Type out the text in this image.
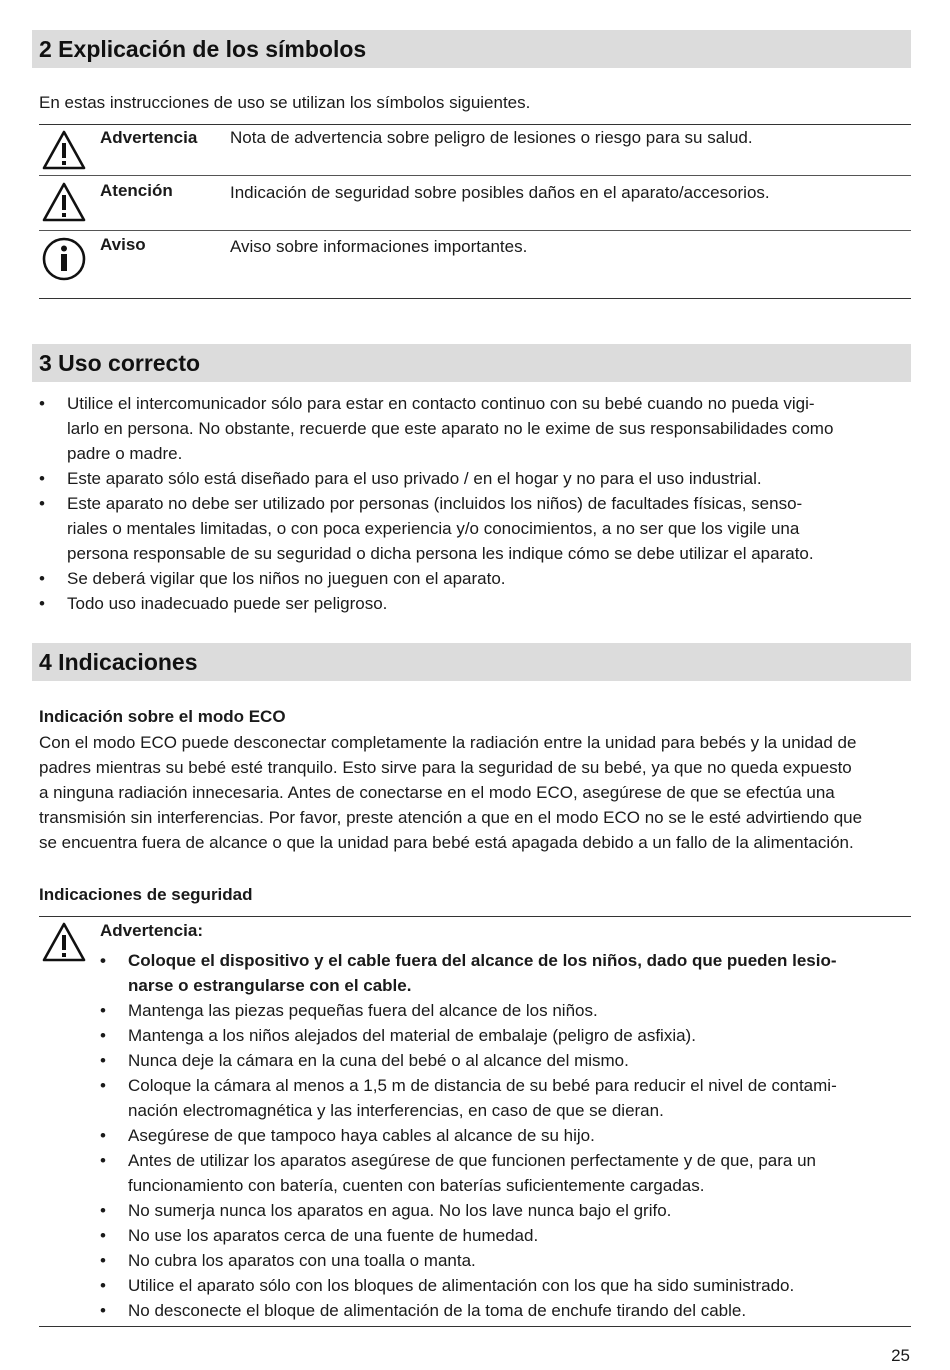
2 Explicación de los símbolos

En estas instrucciones de uso se utilizan los símbolos siguientes.

Advertencia Nota de advertencia sobre peligro de lesiones o riesgo para su salud.
Atención	Indicación de seguridad sobre posibles daños en el aparato/accesorios.
Aviso	Aviso sobre informaciones importantes.
3 Uso correcto
• Utilice el intercomunicador sólo para estar en contacto continuo con su bebé cuando no pueda vigi-
larlo en persona. No obstante, recuerde que este aparato no le exime de sus responsabilidades como
padre o madre.
• Este aparato sólo está diseñado para el uso privado / en el hogar y no para el uso industrial.
• Este aparato no debe ser utilizado por personas (incluidos los niños) de facultades físicas, senso-
riales o mentales limitadas, o con poca experiencia y/o conocimientos, a no ser que los vigile una
persona responsable de su seguridad o dicha persona les indique cómo se debe utilizar el aparato.
• Se deberá vigilar que los niños no jueguen con el aparato.
• Todo uso inadecuado puede ser peligroso.
4 Indicaciones
Indicación sobre el modo ECO
Con el modo ECO puede desconectar completamente la radiación entre la unidad para bebés y la unidad de
padres mientras su bebé esté tranquilo. Esto sirve para la seguridad de su bebé, ya que no queda expuesto
a ninguna radiación innecesaria. Antes de conectarse en el modo ECO, asegúrese de que se efectúa una
transmisión sin interferencias. Por favor, preste atención a que en el modo ECO no se le esté advirtiendo que
se encuentra fuera de alcance o que la unidad para bebé está apagada debido a un fallo de la alimentación.
Indicaciones de seguridad
Advertencia:
• Coloque el dispositivo y el cable fuera del alcance de los niños, dado que pueden lesio-
narse o estrangularse con el cable.
• Mantenga las piezas pequeñas fuera del alcance de los niños.
• Mantenga a los niños alejados del material de embalaje (peligro de asfixia).
• Nunca deje la cámara en la cuna del bebé o al alcance del mismo.
• Coloque la cámara al menos a 1,5 m de distancia de su bebé para reducir el nivel de contami-
nación electromagnética y las interferencias, en caso de que se dieran.
• Asegúrese de que tampoco haya cables al alcance de su hijo.
• Antes de utilizar los aparatos asegúrese de que funcionen perfectamente y de que, para un
funcionamiento con batería, cuenten con baterías suficientemente cargadas.
• No sumerja nunca los aparatos en agua. No los lave nunca bajo el grifo.
• No use los aparatos cerca de una fuente de humedad.
• No cubra los aparatos con una toalla o manta.
• Utilice el aparato sólo con los bloques de alimentación con los que ha sido suministrado.
• No desconecte el bloque de alimentación de la toma de enchufe tirando del cable.
25
